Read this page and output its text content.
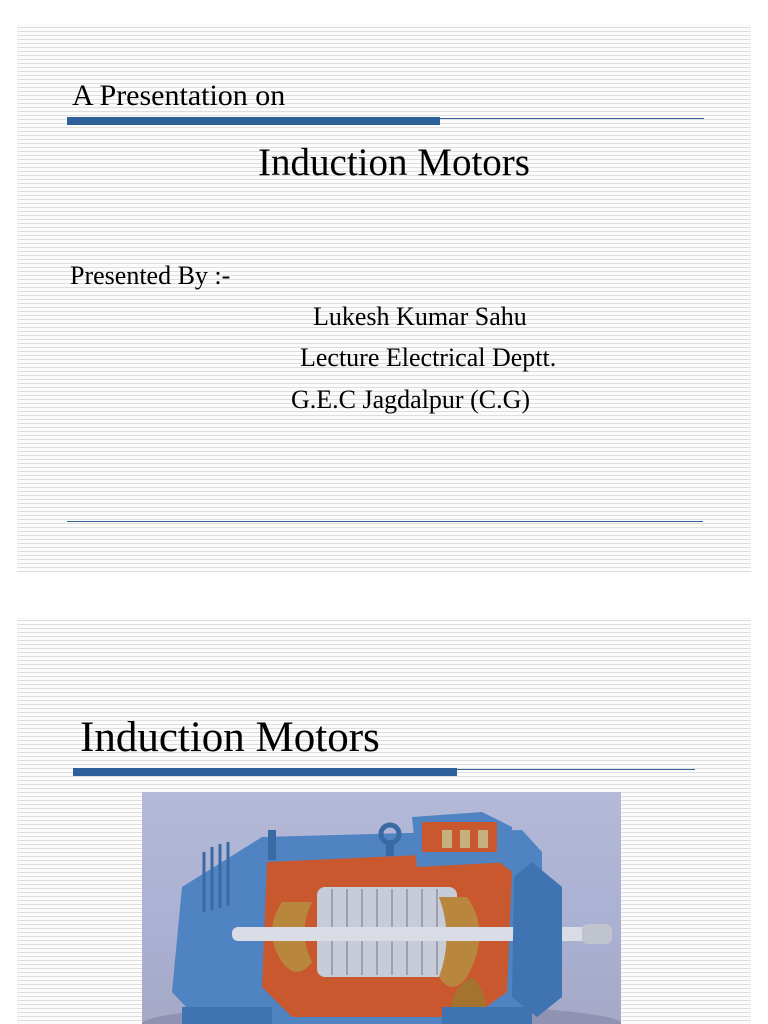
A Presentation on
Induction Motors
Presented By :-
Lukesh Kumar Sahu
Lecture Electrical Deptt.
G.E.C Jagdalpur (C.G)
Induction Motors
